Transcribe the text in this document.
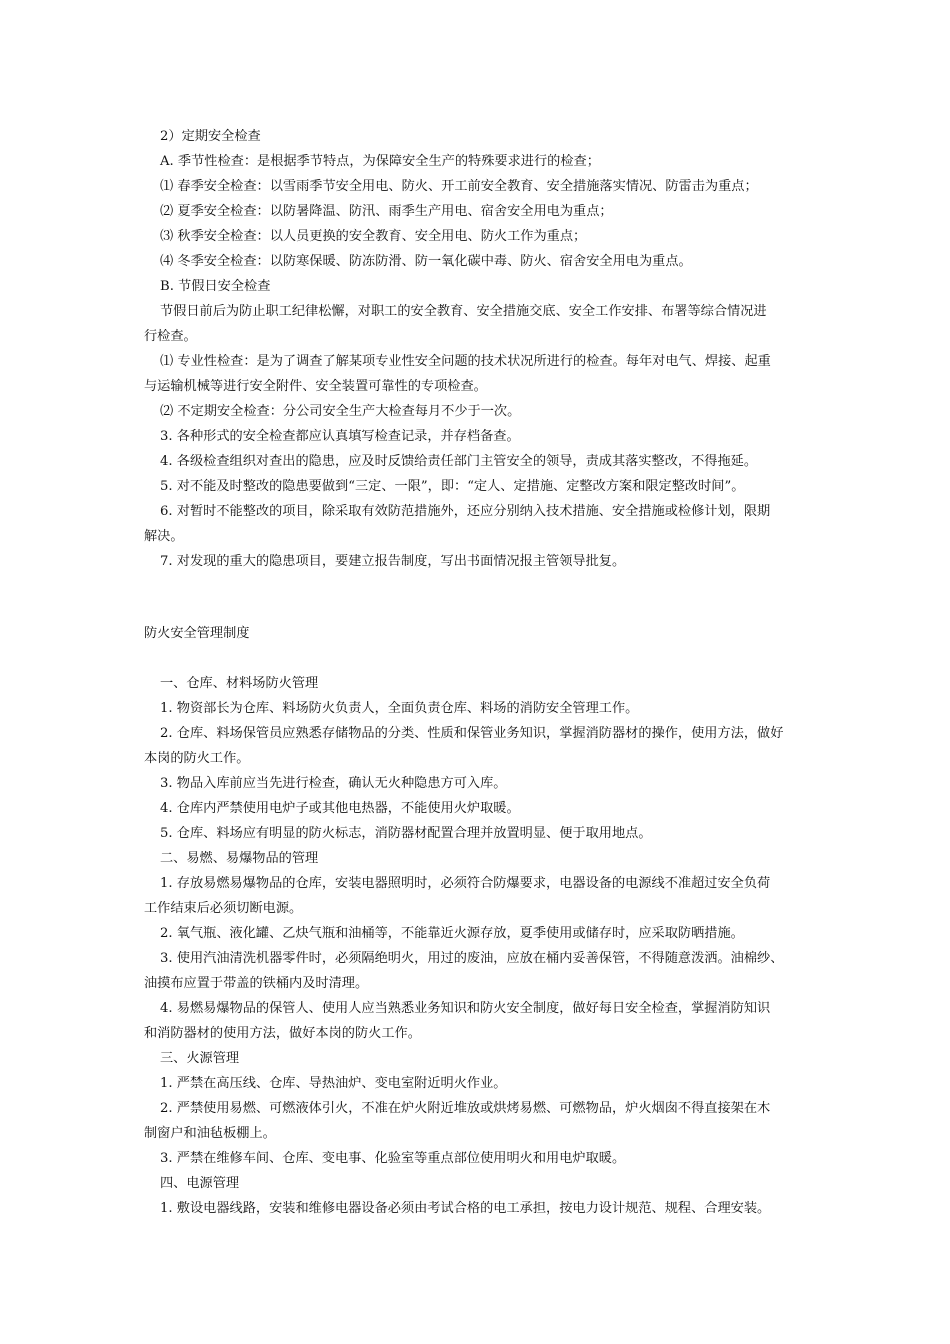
2）定期安全检查
A. 季节性检查：是根据季节特点，为保障安全生产的特殊要求进行的检查；
⑴ 春季安全检查：以雪雨季节安全用电、防火、开工前安全教育、安全措施落实情况、防雷击为重点；
⑵ 夏季安全检查：以防暑降温、防汛、雨季生产用电、宿舍安全用电为重点；
⑶ 秋季安全检查：以人员更换的安全教育、安全用电、防火工作为重点；
⑷ 冬季安全检查：以防寒保暖、防冻防滑、防一氧化碳中毒、防火、宿舍安全用电为重点。
B. 节假日安全检查
节假日前后为防止职工纪律松懈，对职工的安全教育、安全措施交底、安全工作安排、布署等综合情况进
行检查。
⑴ 专业性检查：是为了调查了解某项专业性安全问题的技术状况所进行的检查。每年对电气、焊接、起重
与运输机械等进行安全附件、安全装置可靠性的专项检查。
⑵ 不定期安全检查：分公司安全生产大检查每月不少于一次。
3. 各种形式的安全检查都应认真填写检查记录，并存档备查。
4. 各级检查组织对查出的隐患，应及时反馈给责任部门主管安全的领导，责成其落实整改，不得拖延。
5. 对不能及时整改的隐患要做到“三定、一限”，即：“定人、定措施、定整改方案和限定整改时间”。
6. 对暂时不能整改的项目，除采取有效防范措施外，还应分别纳入技术措施、安全措施或检修计划，限期
解决。
7. 对发现的重大的隐患项目，要建立报告制度，写出书面情况报主管领导批复。
防火安全管理制度
一、仓库、材料场防火管理
1. 物资部长为仓库、料场防火负责人，全面负责仓库、料场的消防安全管理工作。
2. 仓库、料场保管员应熟悉存储物品的分类、性质和保管业务知识，掌握消防器材的操作，使用方法，做好
本岗的防火工作。
3. 物品入库前应当先进行检查，确认无火种隐患方可入库。
4. 仓库内严禁使用电炉子或其他电热器，不能使用火炉取暖。
5. 仓库、料场应有明显的防火标志，消防器材配置合理并放置明显、便于取用地点。
二、易燃、易爆物品的管理
1. 存放易燃易爆物品的仓库，安装电器照明时，必须符合防爆要求，电器设备的电源线不准超过安全负荷
工作结束后必须切断电源。
2. 氧气瓶、液化罐、乙炔气瓶和油桶等，不能靠近火源存放，夏季使用或储存时，应采取防晒措施。
3. 使用汽油清洗机器零件时，必须隔绝明火，用过的废油，应放在桶内妥善保管，不得随意泼洒。油棉纱、
油摸布应置于带盖的铁桶内及时清理。
4. 易燃易爆物品的保管人、使用人应当熟悉业务知识和防火安全制度，做好每日安全检查，掌握消防知识
和消防器材的使用方法，做好本岗的防火工作。
三、火源管理
1. 严禁在高压线、仓库、导热油炉、变电室附近明火作业。
2. 严禁使用易燃、可燃液体引火，不准在炉火附近堆放或烘烤易燃、可燃物品，炉火烟囱不得直接架在木
制窗户和油毡板棚上。
3. 严禁在维修车间、仓库、变电事、化验室等重点部位使用明火和用电炉取暖。
四、电源管理
1. 敷设电器线路，安装和维修电器设备必须由考试合格的电工承担，按电力设计规范、规程、合理安装。
